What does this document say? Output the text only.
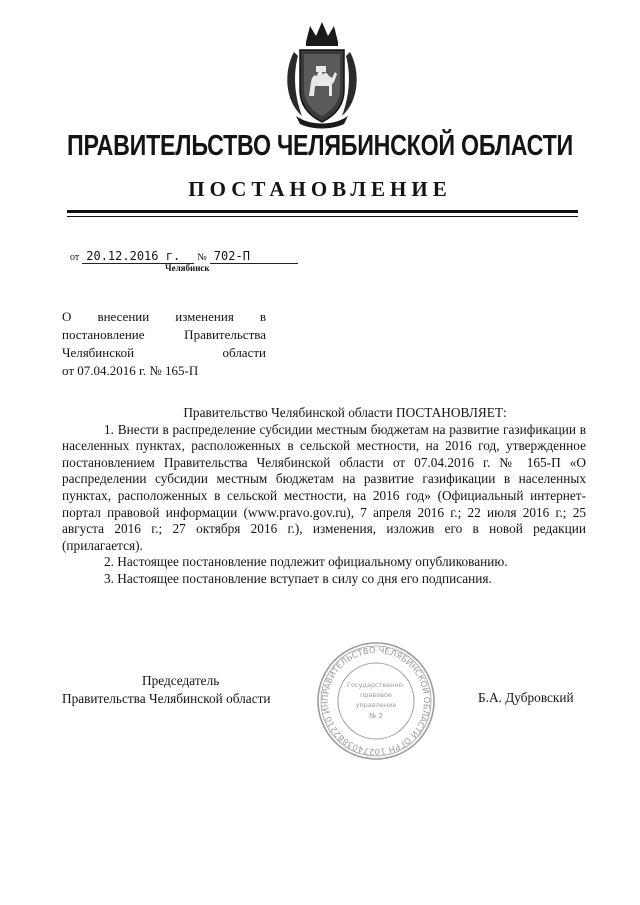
ПРАВИТЕЛЬСТВО ЧЕЛЯБИНСКОЙ ОБЛАСТИ
ПОСТАНОВЛЕНИЕ
от 20.12.2016 г. № 702-П
Челябинск
О внесении изменения в
постановление Правительства
Челябинской области
от 07.04.2016 г. № 165-П

Правительство Челябинской области ПОСТАНОВЛЯЕТ:

1. Внести в распределение субсидии местным бюджетам на развитие газификации в населенных пунктах, расположенных в сельской местности, на 2016 год, утвержденное постановлением Правительства Челябинской области от 07.04.2016 г. № 165-П «О распределении субсидии местным бюджетам на развитие газификации в населенных пунктах, расположенных в сельской местности, на 2016 год» (Официальный интернет-портал правовой информации (www.pravo.gov.ru), 7 апреля 2016 г.; 22 июля 2016 г.; 25 августа 2016 г.; 27 октября 2016 г.), изменения, изложив его в новой редакции (прилагается).

2. Настоящее постановление подлежит официальному опубликованию.

3. Настоящее постановление вступает в силу со дня его подписания.

Председатель
Правительства Челябинской области	Б.А. Дубровский
ПРАВИТЕЛЬСТВО ЧЕЛЯБИНСКОЙ ОБЛАСТИ ОГРН 1027403882210 ИН
Государственно-
правовое
управление
№ 2
